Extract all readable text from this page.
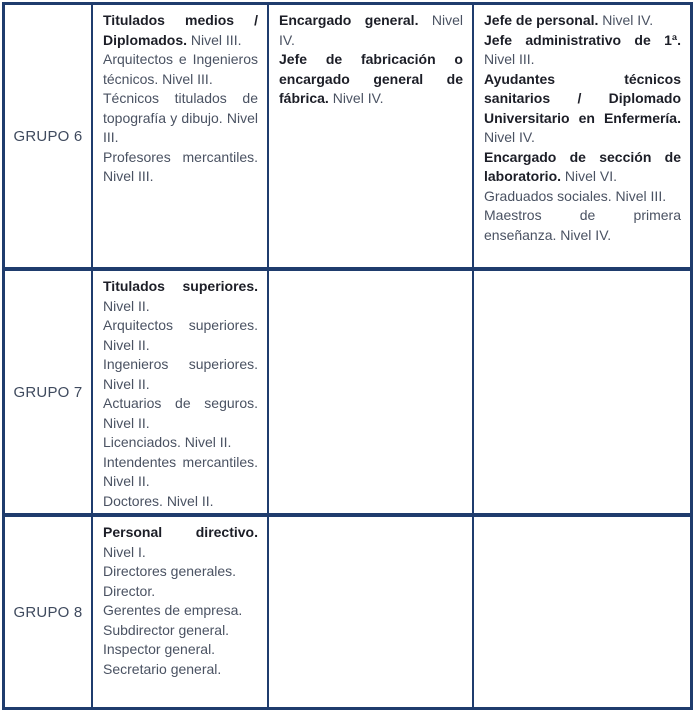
GRUPO 6

Titulados medios / Diplomados. Nivel III.

Arquitectos e Ingenieros técnicos. Nivel III.

Técnicos titulados de topografía y dibujo. Nivel III.

Profesores mercantiles. Nivel III.

Encargado general. Nivel IV.

Jefe de fabricación o encargado general de fábrica. Nivel IV.

Jefe de personal. Nivel IV.

Jefe administrativo de 1ª. Nivel III.

Ayudantes técnicos sanitarios / Diplomado Universitario en Enfermería. Nivel IV.

Encargado de sección de laboratorio. Nivel VI.

Graduados sociales. Nivel III.

Maestros de primera enseñanza. Nivel IV.

GRUPO 7

Titulados superiores. Nivel II.

Arquitectos superiores. Nivel II.

Ingenieros superiores. Nivel II.

Actuarios de seguros. Nivel II.

Licenciados. Nivel II.

Intendentes mercantiles. Nivel II.

Doctores. Nivel II.

GRUPO 8

Personal directivo. Nivel I.

Directores generales.

Director.

Gerentes de empresa.

Subdirector general.

Inspector general.

Secretario general.
